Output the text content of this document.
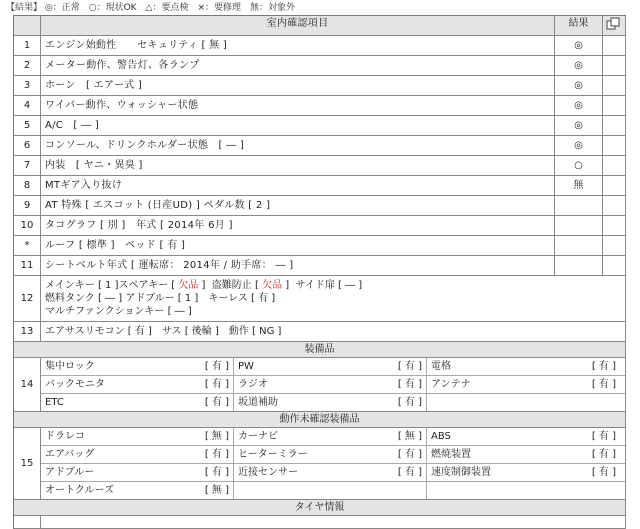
【結果】 ◎：正常　○：現状OK　△：要点検　×：要修理　無：対象外
室内確認項目	結果
1	エンジン始動性　　セキュリティ [ 無 ]	◎
2	メーター動作、警告灯、各ランプ	◎
3	ホーン　[ エアー式 ]	◎
4	ワイパー動作、ウォッシャー状態	◎
5	A/C　[ ― ]	◎
6	コンソール、ドリンクホルダー状態　[ ― ]	◎
7	内装　[ ヤニ・異臭 ]	○
8	MTギア入り抜け	無
9	AT 特殊 [ エスコット (日産UD) ] ペダル数 [ 2 ]
10	タコグラフ [ 別 ]　年式 [ 2014年 6月 ]
*	ルーフ [ 標準 ]　ベッド [ 有 ]
11	シートベルト年式 [ 運転席： 2014年 / 助手席： ― ]
12
メインキー [ 1 ] スペアキー [ 欠品 ]  盗難防止 [ 欠品 ]  サイド扉 [ ― ]
燃料タンク [ ― ] アドブルー [ 1 ]　キーレス [ 有 ]
マルチファンクションキー [ ― ]
13	エアサスリモコン [ 有 ]　サス [ 後輪 ]　動作 [ NG ]
装備品
14
集中ロック	[ 有 ] PW	[ 有 ] 電格	[ 有 ]
バックモニタ	[ 有 ] ラジオ	[ 有 ] アンテナ	[ 有 ]
ETC	[ 有 ] 坂道補助	[ 有 ]
動作未確認装備品
15
ドラレコ	[ 無 ] カーナビ	[ 無 ] ABS	[ 有 ]
エアバッグ	[ 有 ] ヒーターミラー	[ 有 ] 燃焼装置	[ 有 ]
アドブルー	[ 有 ] 近接センサー	[ 有 ] 速度制御装置	[ 有 ]
オートクルーズ	[ 無 ]
タイヤ情報
